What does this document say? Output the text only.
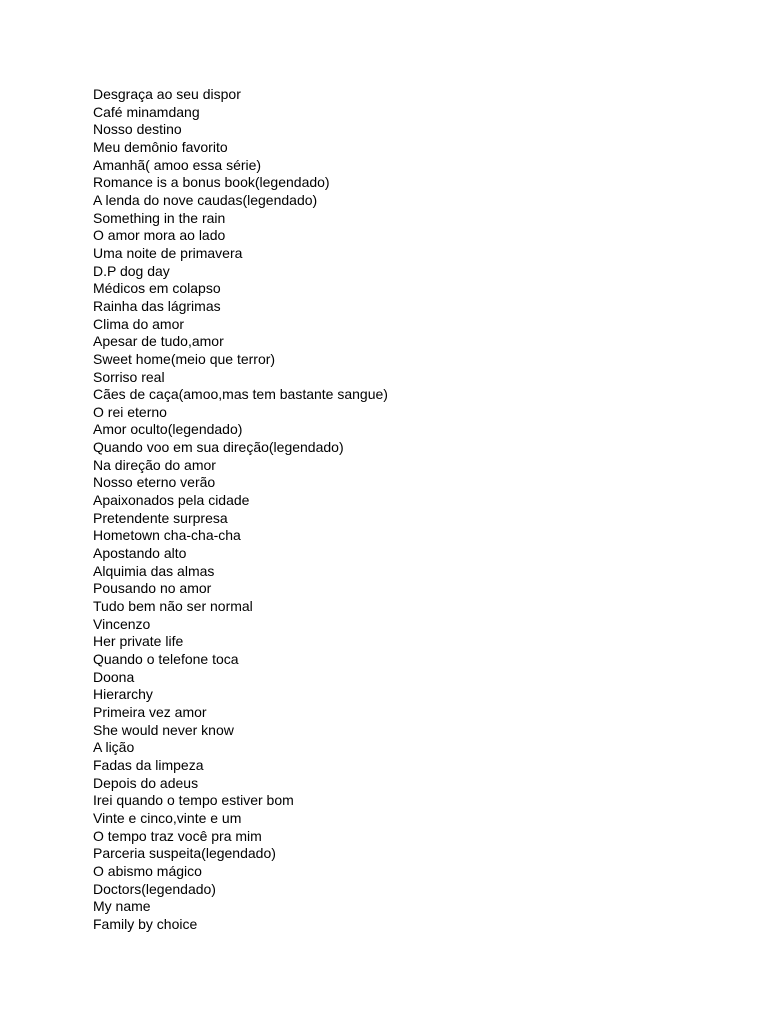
Desgraça ao seu dispor
Café minamdang
Nosso destino
Meu demônio favorito
Amanhã( amoo essa série)
Romance is a bonus book(legendado)
A lenda do nove caudas(legendado)
Something in the rain
O amor mora ao lado
Uma noite de primavera
D.P dog day
Médicos em colapso
Rainha das lágrimas
Clima do amor
Apesar de tudo,amor
Sweet home(meio que terror)
Sorriso real
Cães de caça(amoo,mas tem bastante sangue)
O rei eterno
Amor oculto(legendado)
Quando voo em sua direção(legendado)
Na direção do amor
Nosso eterno verão
Apaixonados pela cidade
Pretendente surpresa
Hometown cha-cha-cha
Apostando alto
Alquimia das almas
Pousando no amor
Tudo bem não ser normal
Vincenzo
Her private life
Quando o telefone toca
Doona
Hierarchy
Primeira vez amor
She would never know
A lição
Fadas da limpeza
Depois do adeus
Irei quando o tempo estiver bom
Vinte e cinco,vinte e um
O tempo traz você pra mim
Parceria suspeita(legendado)
O abismo mágico
Doctors(legendado)
My name
Family by choice
